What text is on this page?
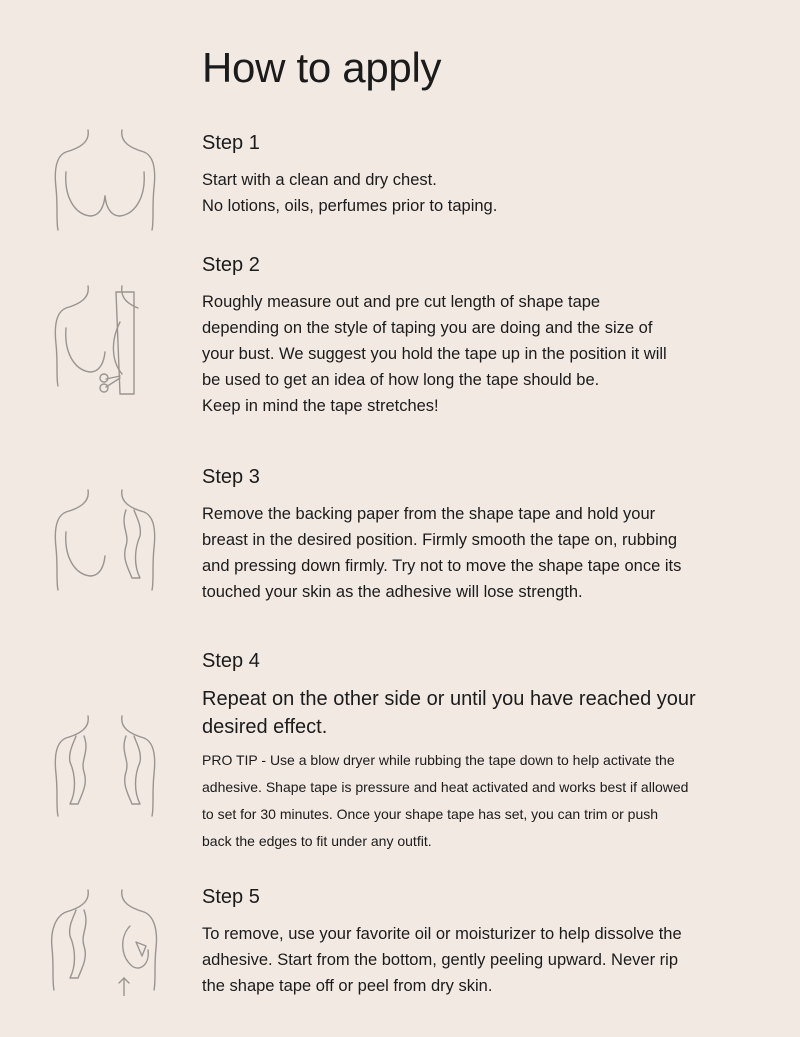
How to apply
Step 1

Start with a clean and dry chest.
No lotions, oils, perfumes prior to taping.

Step 2

Roughly measure out and pre cut length of shape tape
depending on the style of taping you are doing and the size of
your bust. We suggest you hold the tape up in the position it will
be used to get an idea of how long the tape should be.
Keep in mind the tape stretches!

Step 3

Remove the backing paper from the shape tape and hold your
breast in the desired position. Firmly smooth the tape on, rubbing
and pressing down firmly. Try not to move the shape tape once its
touched your skin as the adhesive will lose strength.

Step 4

Repeat on the other side or until you have reached your
desired effect.

PRO TIP - Use a blow dryer while rubbing the tape down to help activate the
adhesive. Shape tape is pressure and heat activated and works best if allowed
to set for 30 minutes. Once your shape tape has set, you can trim or push
back the edges to fit under any outfit.

Step 5

To remove, use your favorite oil or moisturizer to help dissolve the
adhesive. Start from the bottom, gently peeling upward. Never rip
the shape tape off or peel from dry skin.
